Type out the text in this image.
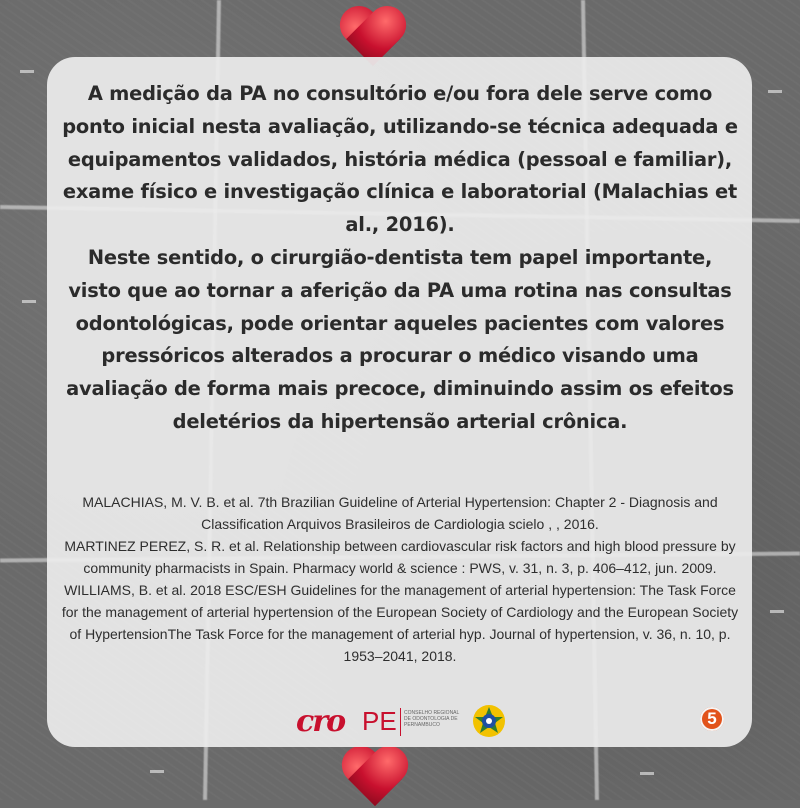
A medição da PA no consultório e/ou fora dele serve como ponto inicial nesta avaliação, utilizando-se técnica adequada e equipamentos validados, história médica (pessoal e familiar), exame físico e investigação clínica e laboratorial (Malachias et al., 2016).

Neste sentido, o cirurgião-dentista tem papel importante, visto que ao tornar a aferição da PA uma rotina nas consultas odontológicas, pode orientar aqueles pacientes com valores pressóricos alterados a procurar o médico visando uma avaliação de forma mais precoce, diminuindo assim os efeitos deletérios da hipertensão arterial crônica.

MALACHIAS, M. V. B. et al. 7th Brazilian Guideline of Arterial Hypertension: Chapter 2 - Diagnosis and Classification Arquivos Brasileiros de Cardiologia scielo , , 2016.

MARTINEZ PEREZ, S. R. et al. Relationship between cardiovascular risk factors and high blood pressure by community pharmacists in Spain. Pharmacy world & science : PWS, v. 31, n. 3, p. 406–412, jun. 2009.

WILLIAMS, B. et al. 2018 ESC/ESH Guidelines for the management of arterial hypertension: The Task Force for the management of arterial hypertension of the European Society of Cardiology and the European Society of HypertensionThe Task Force for the management of arterial hyp. Journal of hypertension, v. 36, n. 10, p. 1953–2041, 2018.

cro PE CONSELHO REGIONAL DE ODONTOLOGIA DE PERNAMBUCO	5
